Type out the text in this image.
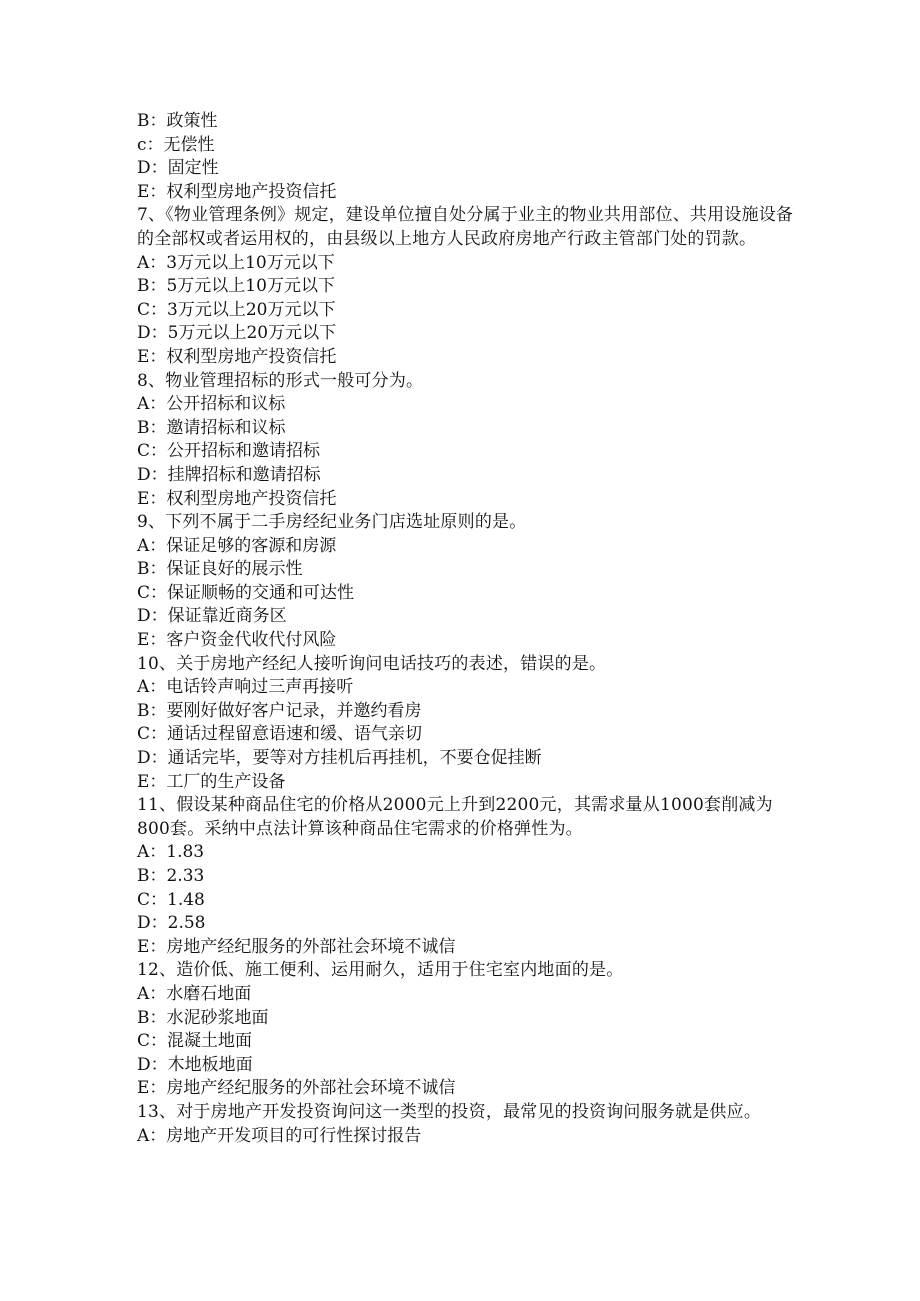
B：政策性
c：无偿性
D：固定性
E：权利型房地产投资信托

7、《物业管理条例》规定，建设单位擅自处分属于业主的物业共用部位、共用设施设备的全部权或者运用权的，由县级以上地方人民政府房地产行政主管部门处的罚款。

A：3万元以上10万元以下
B：5万元以上10万元以下
C：3万元以上20万元以下
D：5万元以上20万元以下
E：权利型房地产投资信托

8、物业管理招标的形式一般可分为。

A：公开招标和议标
B：邀请招标和议标
C：公开招标和邀请招标
D：挂牌招标和邀请招标
E：权利型房地产投资信托

9、下列不属于二手房经纪业务门店选址原则的是。

A：保证足够的客源和房源
B：保证良好的展示性
C：保证顺畅的交通和可达性
D：保证靠近商务区
E：客户资金代收代付风险

10、关于房地产经纪人接听询问电话技巧的表述，错误的是。

A：电话铃声响过三声再接听
B：要刚好做好客户记录，并邀约看房
C：通话过程留意语速和缓、语气亲切
D：通话完毕，要等对方挂机后再挂机，不要仓促挂断
E：工厂的生产设备

11、假设某种商品住宅的价格从2000元上升到2200元，其需求量从1000套削减为800套。采纳中点法计算该种商品住宅需求的价格弹性为。

A：1.83
B：2.33
C：1.48
D：2.58
E：房地产经纪服务的外部社会环境不诚信

12、造价低、施工便利、运用耐久，适用于住宅室内地面的是。

A：水磨石地面
B：水泥砂浆地面
C：混凝土地面
D：木地板地面
E：房地产经纪服务的外部社会环境不诚信

13、对于房地产开发投资询问这一类型的投资，最常见的投资询问服务就是供应。

A：房地产开发项目的可行性探讨报告
